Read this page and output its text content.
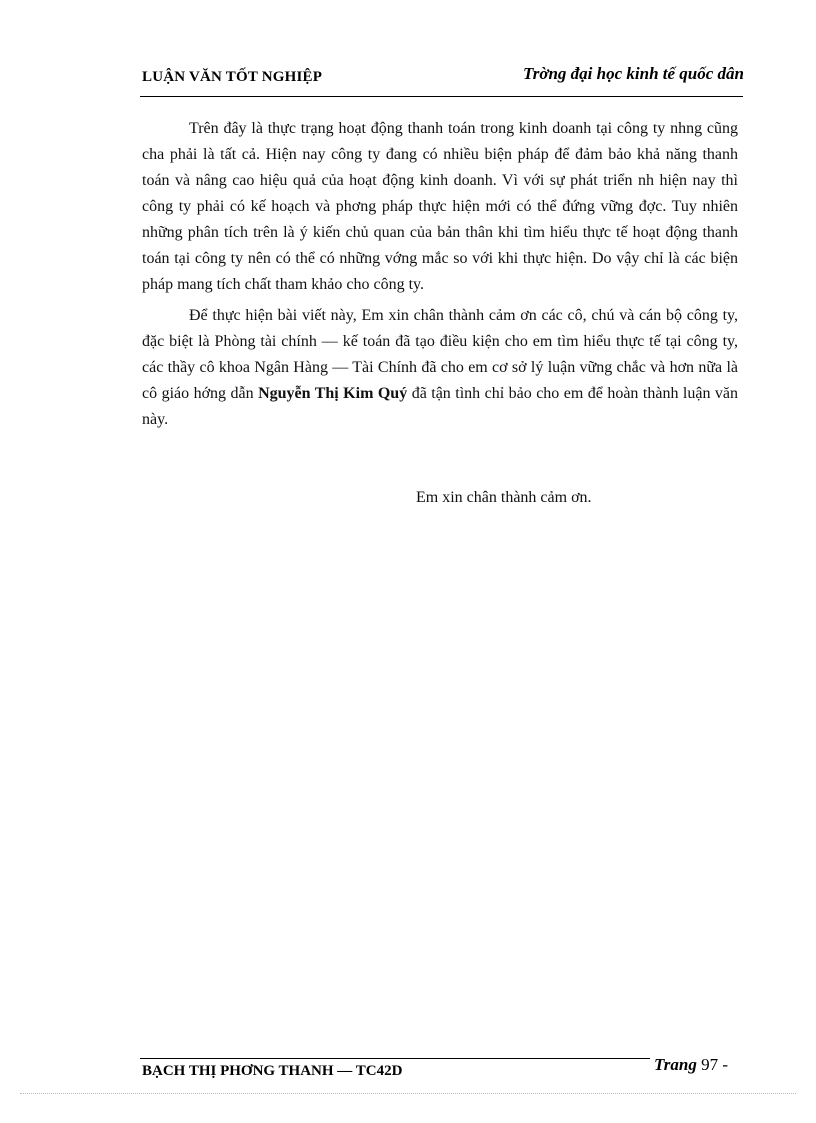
LUẬN VĂN TỐT NGHIỆP	Trờng đại học kinh tế quốc dân

Trên đây là thực trạng hoạt động thanh toán trong kinh doanh tại công ty nhng cũng cha phải là tất cả. Hiện nay công ty đang có nhiều biện pháp để đảm bảo khả năng thanh toán và nâng cao hiệu quả của hoạt động kinh doanh. Vì với sự phát triển nh hiện nay thì công ty phải có kế hoạch và phơng pháp thực hiện mới có thể đứng vững đợc. Tuy nhiên những phân tích trên là ý kiến chủ quan của bản thân khi tìm hiểu thực tế hoạt động thanh toán tại công ty nên có thể có những vớng mắc so với khi thực hiện. Do vậy chỉ là các biện pháp mang tích chất tham khảo cho công ty.

Để thực hiện bài viết này, Em xin chân thành cảm ơn các cô, chú và cán bộ công ty, đặc biệt là Phòng tài chính — kế toán đã tạo điều kiện cho em tìm hiểu thực tế tại công ty, các thầy cô khoa Ngân Hàng — Tài Chính đã cho em cơ sở lý luận vững chắc và hơn nữa là cô giáo hớng dẫn Nguyễn Thị Kim Quý đã tận tình chỉ bảo cho em để hoàn thành luận văn này.

Em xin chân thành cảm ơn.
BẠCH THỊ PHƠNG THANH — TC42D	Trang 97 -
